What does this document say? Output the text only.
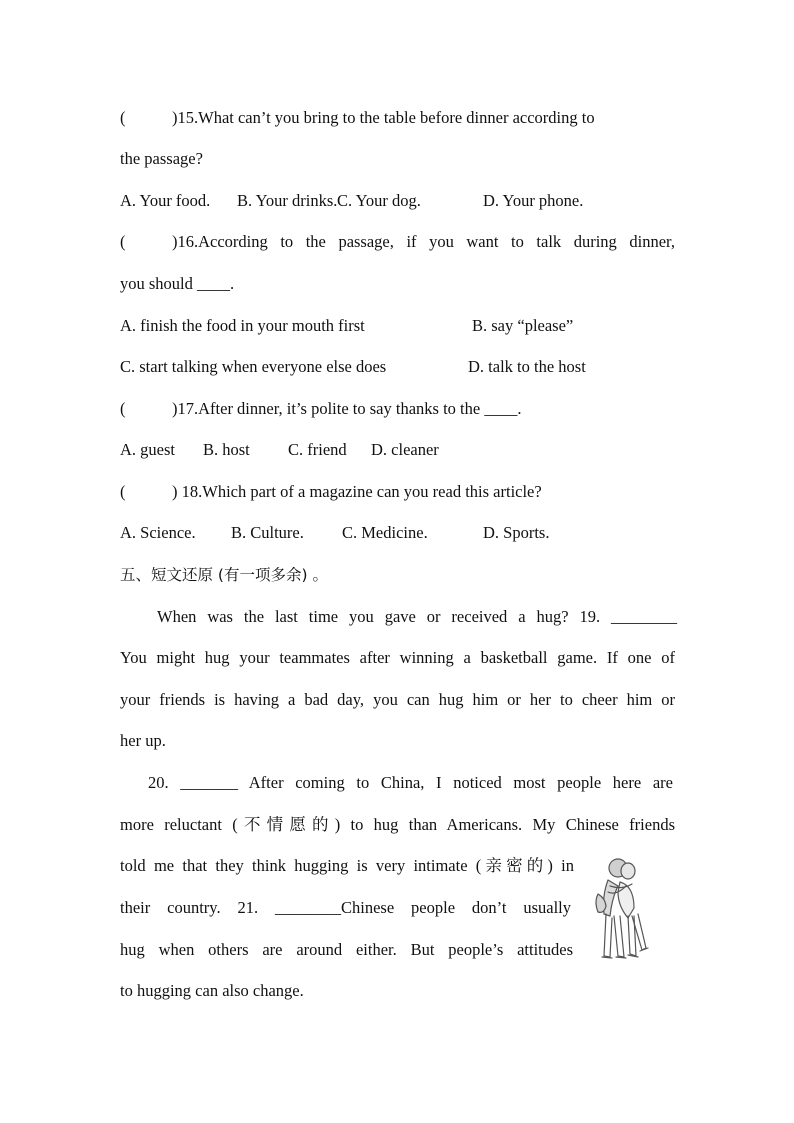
(	)15.What can’t you bring to the table before dinner according to
the passage?
A. Your food. B. Your drinks. C. Your dog.	D. Your phone.
(	)16.According to the passage, if you want to talk during dinner,
you should ____.
A. finish the food in your mouth first	B. say “please”
C. start talking when everyone else does	D. talk to the host
(	)17.After dinner, it’s polite to say thanks to the ____.
A. guest B. host C. friend D. cleaner
(	) 18.Which part of a magazine can you read this article?
A. Science. B. Culture. C. Medicine.	D. Sports.
五、短文还原 (有一项多余) 。
When was the last time you gave or received a hug? 19. ________
You might hug your teammates after winning a basketball game. If one of
your friends is having a bad day, you can hug him or her to cheer him or
her up.
20. _______ After coming to China, I noticed most people here are
more reluctant (不情愿的) to hug than Americans. My Chinese friends
told me that they think hugging is very intimate (亲密的) in
their country. 21. ________Chinese people don’t usually
hug when others are around either. But people’s attitudes
to hugging can also change.
